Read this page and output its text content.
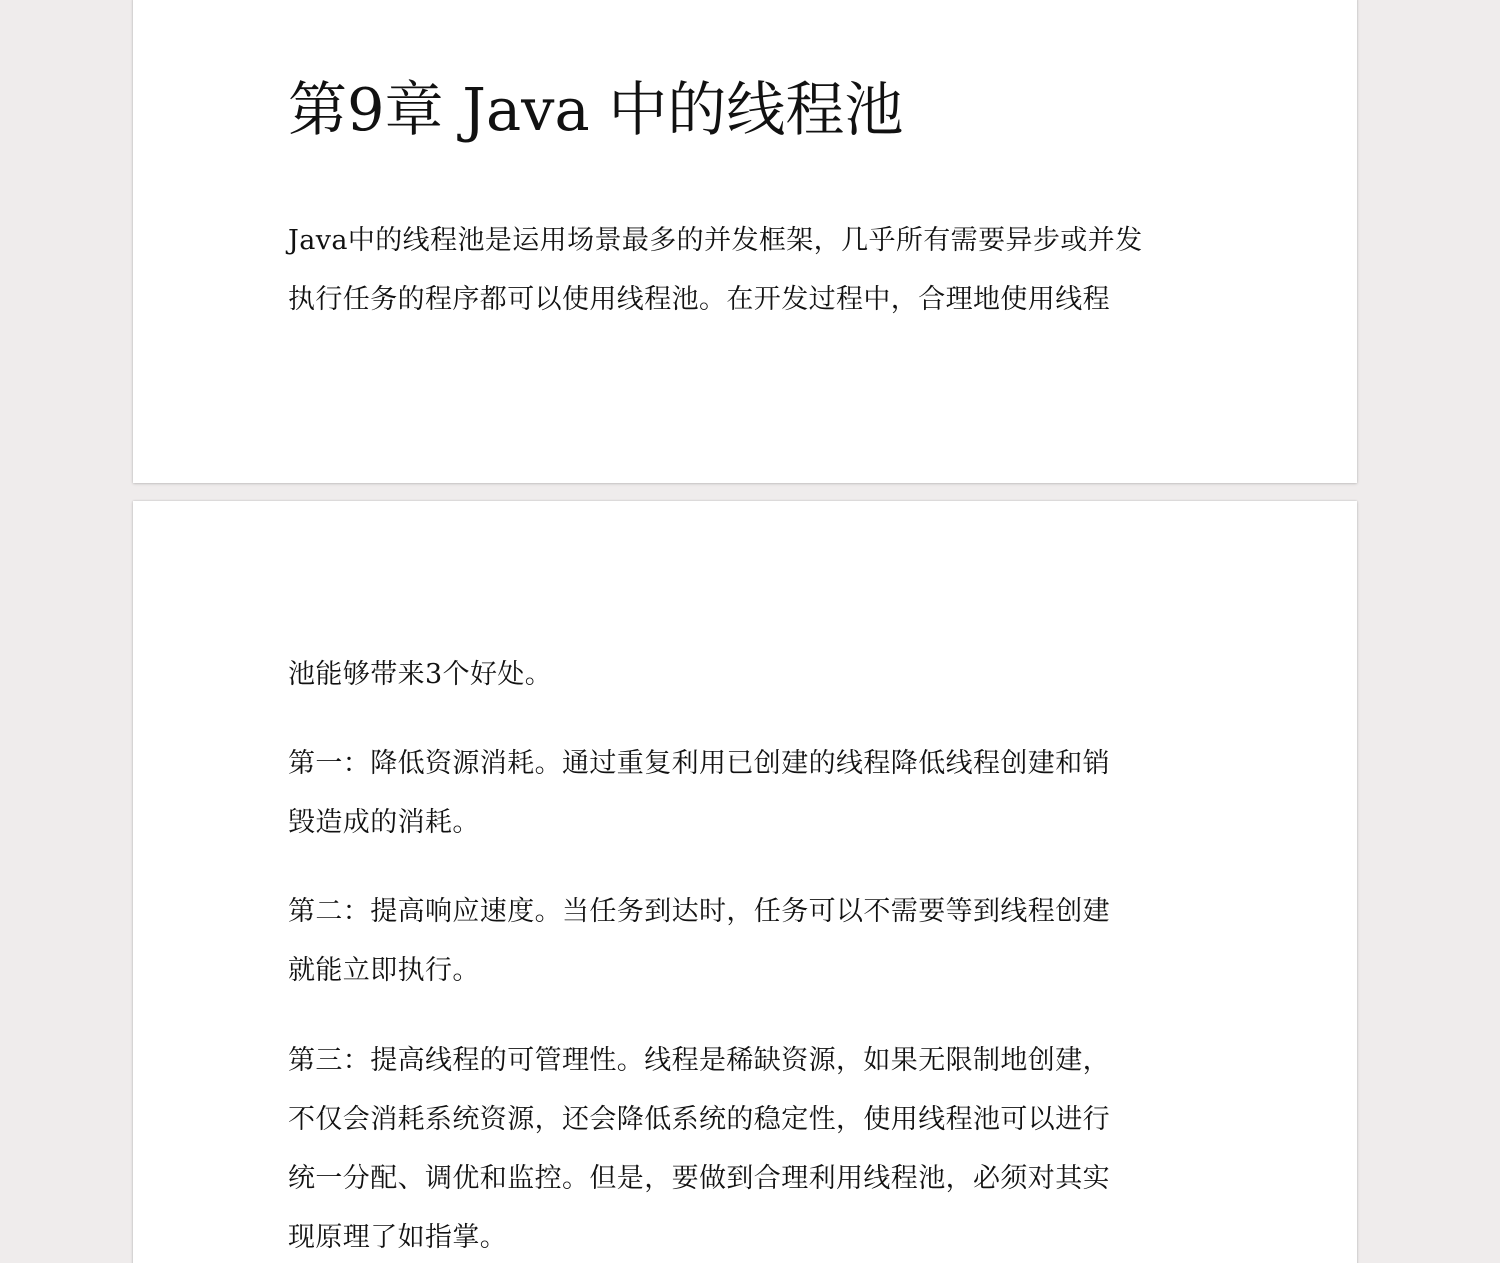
第9章 Java 中的线程池

Java中的线程池是运用场景最多的并发框架，几乎所有需要异步或并发
执行任务的程序都可以使用线程池。在开发过程中，合理地使用线程

池能够带来3个好处。

第一：降低资源消耗。通过重复利用已创建的线程降低线程创建和销
毁造成的消耗。

第二：提高响应速度。当任务到达时，任务可以不需要等到线程创建
就能立即执行。

第三：提高线程的可管理性。线程是稀缺资源，如果无限制地创建，
不仅会消耗系统资源，还会降低系统的稳定性，使用线程池可以进行
统一分配、调优和监控。但是，要做到合理利用线程池，必须对其实
现原理了如指掌。
